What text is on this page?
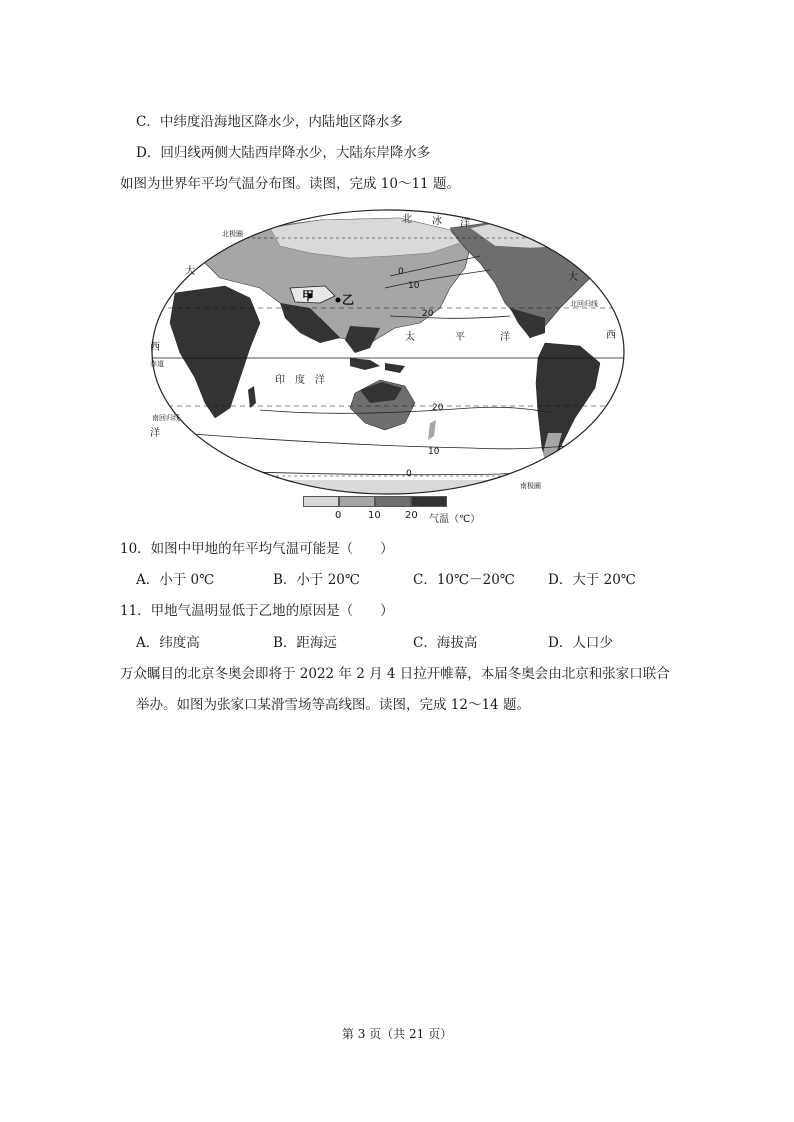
C．中纬度沿海地区降水少，内陆地区降水多
D．回归线两侧大陆西岸降水少，大陆东岸降水多
如图为世界年平均气温分布图。读图，完成 10～11 题。
北 冰 洋
甲 乙
大
大
西
西
太	平	洋
印 度 洋
洋
赤道
南回归线
北回归线
北极圈
南极圈
0
10
20
20
10
0
0	10 20 气温（℃）
10．如图中甲地的年平均气温可能是（　　）
A．小于 0℃	B．小于 20℃	C．10℃－20℃ D．大于 20℃
11．甲地气温明显低于乙地的原因是（　　）
A．纬度高	B．距海远	C．海拔高	D．人口少
万众瞩目的北京冬奥会即将于 2022 年 2 月 4 日拉开帷幕，本届冬奥会由北京和张家口联合
举办。如图为张家口某滑雪场等高线图。读图，完成 12～14 题。
第 3 页（共 21 页）
